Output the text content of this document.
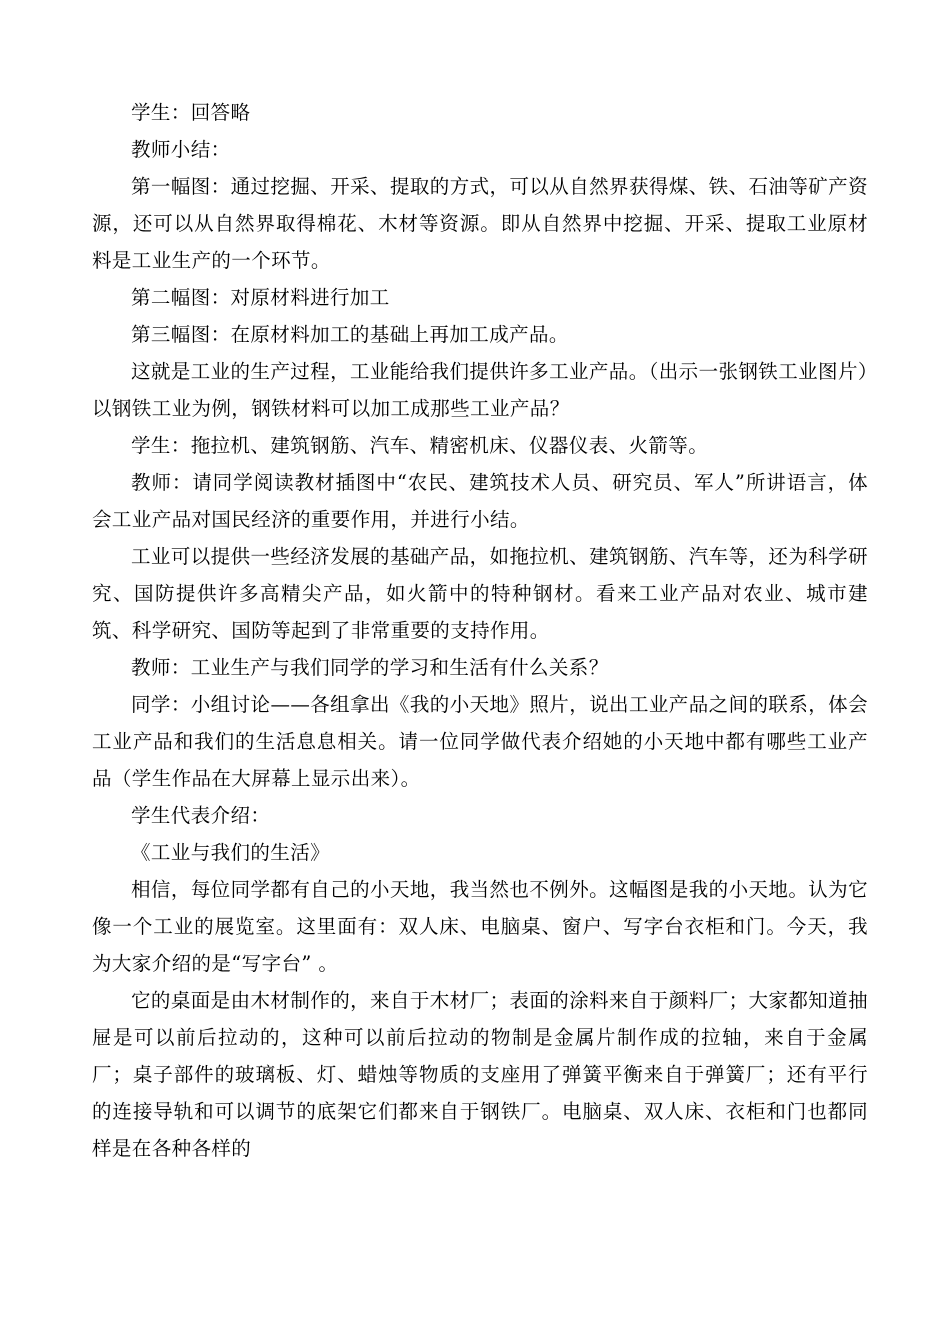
学生：回答略

教师小结：

第一幅图：通过挖掘、开采、提取的方式，可以从自然界获得煤、铁、石油等矿产资源，还可以从自然界取得棉花、木材等资源。即从自然界中挖掘、开采、提取工业原材料是工业生产的一个环节。

第二幅图：对原材料进行加工

第三幅图：在原材料加工的基础上再加工成产品。

这就是工业的生产过程，工业能给我们提供许多工业产品。（出示一张钢铁工业图片）以钢铁工业为例，钢铁材料可以加工成那些工业产品？

学生：拖拉机、建筑钢筋、汽车、精密机床、仪器仪表、火箭等。

教师：请同学阅读教材插图中“农民、建筑技术人员、研究员、军人”所讲语言，体会工业产品对国民经济的重要作用，并进行小结。

工业可以提供一些经济发展的基础产品，如拖拉机、建筑钢筋、汽车等，还为科学研究、国防提供许多高精尖产品，如火箭中的特种钢材。看来工业产品对农业、城市建筑、科学研究、国防等起到了非常重要的支持作用。

教师：工业生产与我们同学的学习和生活有什么关系？

同学：小组讨论——各组拿出《我的小天地》照片，说出工业产品之间的联系，体会工业产品和我们的生活息息相关。请一位同学做代表介绍她的小天地中都有哪些工业产品（学生作品在大屏幕上显示出来）。

学生代表介绍：

《工业与我们的生活》

相信，每位同学都有自己的小天地，我当然也不例外。这幅图是我的小天地。认为它像一个工业的展览室。这里面有：双人床、电脑桌、窗户、写字台衣柜和门。今天，我为大家介绍的是“写字台” 。

它的桌面是由木材制作的，来自于木材厂；表面的涂料来自于颜料厂；大家都知道抽屉是可以前后拉动的，这种可以前后拉动的物制是金属片制作成的拉轴，来自于金属厂；桌子部件的玻璃板、灯、蜡烛等物质的支座用了弹簧平衡来自于弹簧厂；还有平行的连接导轨和可以调节的底架它们都来自于钢铁厂。电脑桌、双人床、衣柜和门也都同样是在各种各样的
